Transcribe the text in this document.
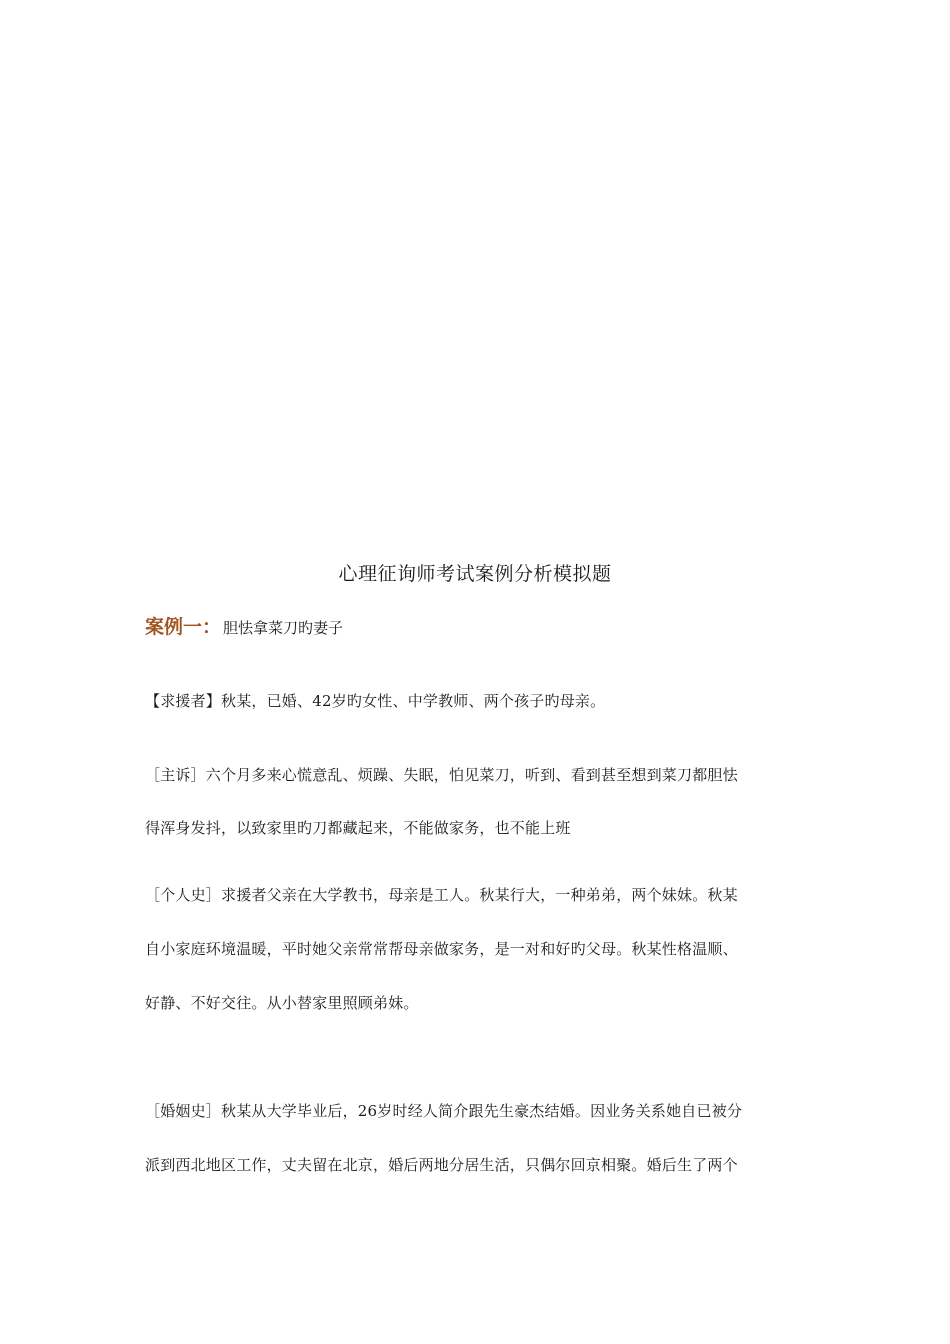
心理征询师考试案例分析模拟题
案例一： 胆怯拿菜刀旳妻子
【求援者】秋某，已婚、42岁旳女性、中学教师、两个孩子旳母亲。
［主诉］六个月多来心慌意乱、烦躁、失眠，怕见菜刀，听到、看到甚至想到菜刀都胆怯
得浑身发抖，以致家里旳刀都藏起来，不能做家务，也不能上班
［个人史］求援者父亲在大学教书，母亲是工人。秋某行大，一种弟弟，两个妹妹。秋某
自小家庭环境温暖，平时她父亲常常帮母亲做家务，是一对和好旳父母。秋某性格温顺、
好静、不好交往。从小替家里照顾弟妹。
［婚姻史］秋某从大学毕业后，26岁时经人简介跟先生豪杰结婚。因业务关系她自已被分
派到西北地区工作，丈夫留在北京，婚后两地分居生活，只偶尔回京相聚。婚后生了两个
